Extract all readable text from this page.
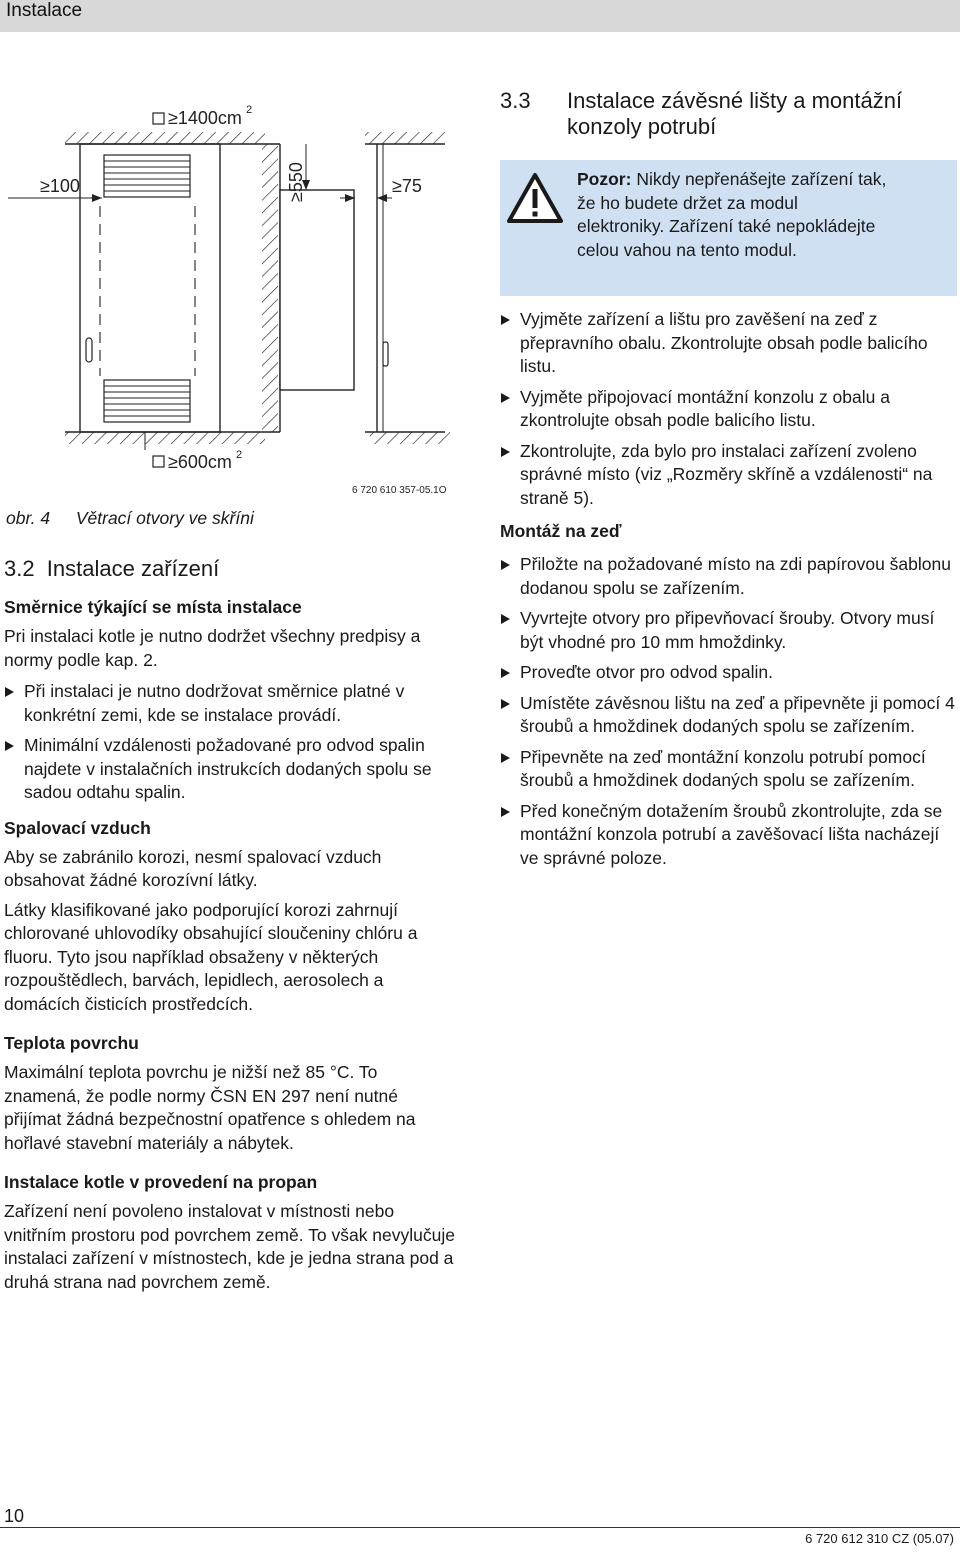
Instalace
≥100
≥1400cm 2
≥550	≥75
≥600cm 2
6 720 610 357-05.1O
obr. 4 Větrací otvory ve skříni
3.2  Instalace zařízení
Směrnice týkající se místa instalace
Pri instalaci kotle je nutno dodržet všechny predpisy a normy podle kap. 2.
Při instalaci je nutno dodržovat směrnice platné v konkrétní zemi, kde se instalace provádí.
Minimální vzdálenosti požadované pro odvod spalin najdete v instalačních instrukcích dodaných spolu se sadou odtahu spalin.
Spalovací vzduch
Aby se zabránilo korozi, nesmí spalovací vzduch obsahovat žádné korozívní látky.
Látky klasifikované jako podporující korozi zahrnují chlorované uhlovodíky obsahující sloučeniny chlóru a fluoru. Tyto jsou například obsaženy v některých rozpouštědlech, barvách, lepidlech, aerosolech a domácích čisticích prostředcích.
Teplota povrchu
Maximální teplota povrchu je nižší než 85 °C. To znamená, že podle normy ČSN EN 297 není nutné přijímat žádná bezpečnostní opatřence s ohledem na hořlavé stavební materiály a nábytek.
Instalace kotle v provedení na propan
Zařízení není povoleno instalovat v místnosti nebo vnitřním prostoru pod povrchem země. To však nevylučuje instalaci zařízení v místnostech, kde je jedna strana pod a druhá strana nad povrchem země.
3.3 Instalace závěsné lišty a montážní konzoly potrubí
Pozor: Nikdy nepřenášejte zařízení tak, že ho budete držet za modul elektroniky. Zařízení také nepokládejte celou vahou na tento modul.
Vyjměte zařízení a lištu pro zavěšení na zeď z přepravního obalu. Zkontrolujte obsah podle balicího listu.
Vyjměte připojovací montážní konzolu z obalu a zkontrolujte obsah podle balicího listu.
Zkontrolujte, zda bylo pro instalaci zařízení zvoleno správné místo (viz „Rozměry skříně a vzdálenosti“ na straně 5).
Montáž na zeď
Přiložte na požadované místo na zdi papírovou šablonu dodanou spolu se zařízením.
Vyvrtejte otvory pro připevňovací šrouby. Otvory musí být vhodné pro 10 mm hmoždinky.
Proveďte otvor pro odvod spalin.
Umístěte závěsnou lištu na zeď a připevněte ji pomocí 4 šroubů a hmoždinek dodaných spolu se zařízením.
Připevněte na zeď montážní konzolu potrubí pomocí šroubů a hmoždinek dodaných spolu se zařízením.
Před konečným dotažením šroubů zkontrolujte, zda se montážní konzola potrubí a zavěšovací lišta nacházejí ve správné poloze.
10
6 720 612 310 CZ (05.07)
